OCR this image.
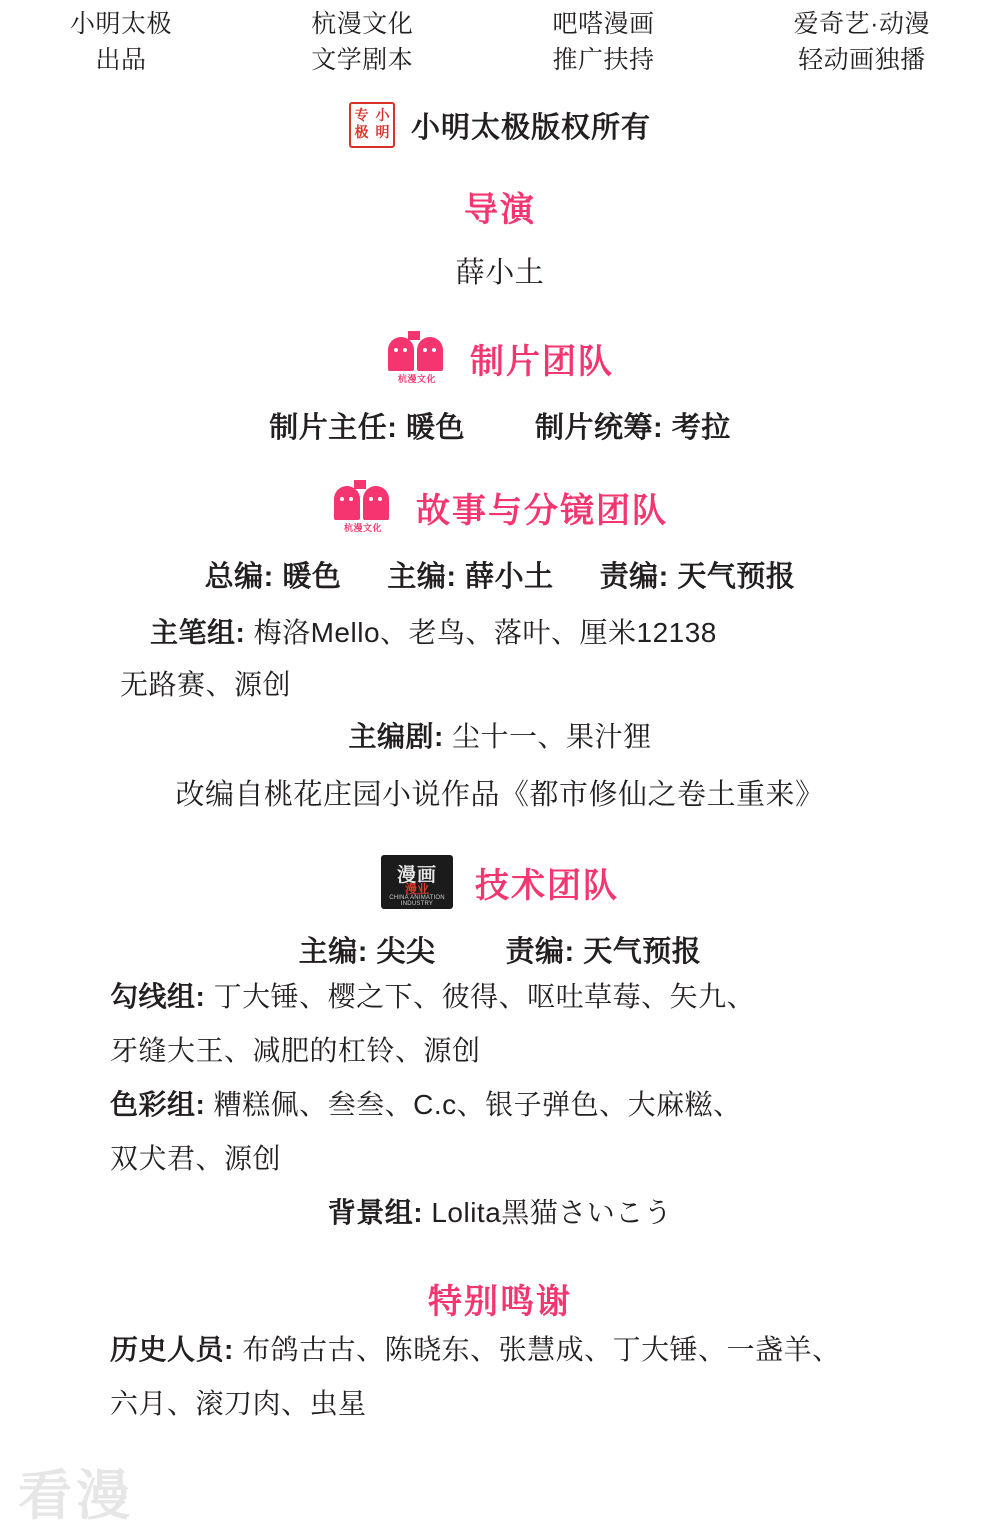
小明太极
出品
杭漫文化
文学剧本
吧嗒漫画
推广扶持
爱奇艺·动漫
轻动画独播
专 小
极 明 小明太极版权所有
导演
薛小土
杭漫文化	制片团队
制片主任: 暖色 制片统筹: 考拉
杭漫文化	故事与分镜团队
总编: 暖色 主编: 薛小土 责编: 天气预报
主笔组: 梅洛Mello、老鸟、落叶、厘米12138
无路赛、源创
主编剧: 尘十一、果汁狸
改编自桃花庄园小说作品《都市修仙之卷土重来》
漫画
漫业
CHINA ANIMATION INDUSTRY	技术团队
主编: 尖尖 责编: 天气预报
勾线组: 丁大锤、樱之下、彼得、呕吐草莓、矢九、
牙缝大王、减肥的杠铃、源创
色彩组: 糟糕佩、叁叁、C.c、银子弹色、大麻糍、
双犬君、源创
背景组: Lolita黑猫さいこう
特别鸣谢
历史人员: 布鸽古古、陈晓东、张慧成、丁大锤、一盏羊、
六月、滚刀肉、虫星
看漫
